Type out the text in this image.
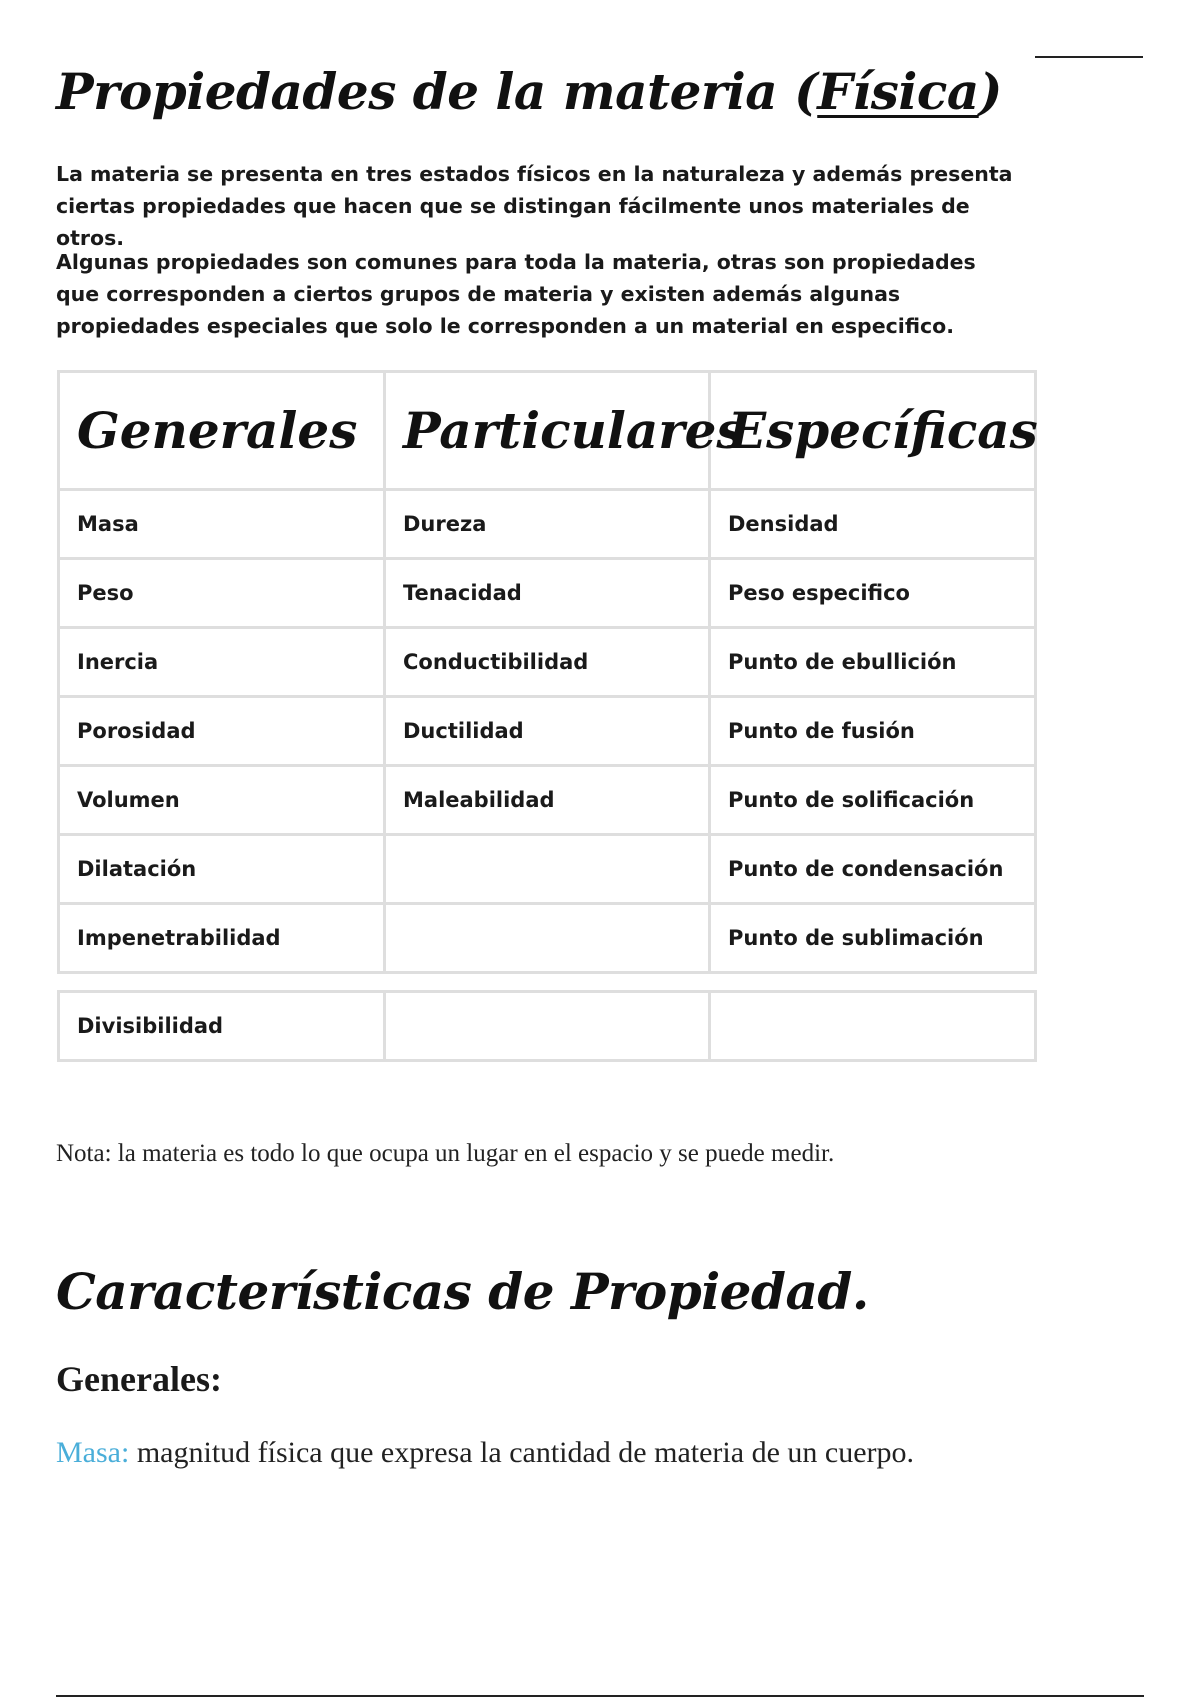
Propiedades de la materia (Física)

La materia se presenta en tres estados físicos en la naturaleza y además presenta ciertas propiedades que hacen que se distingan fácilmente unos materiales de otros.

Algunas propiedades son comunes para toda la materia, otras son propiedades que corresponden a ciertos grupos de materia y existen además algunas propiedades especiales que solo le corresponden a un material en especifico.

Generales	Particulares	Específicas
Masa	Dureza	Densidad
Peso	Tenacidad	Peso especifico
Inercia	Conductibilidad	Punto de ebullición
Porosidad	Ductilidad	Punto de fusión
Volumen	Maleabilidad	Punto de solificación
Dilatación		Punto de condensación
Impenetrabilidad		Punto de sublimación
Divisibilidad		

Nota: la materia es todo lo que ocupa un lugar en el espacio y se puede medir.

Características de Propiedad.
Generales:

Masa: magnitud física que expresa la cantidad de materia de un cuerpo.
